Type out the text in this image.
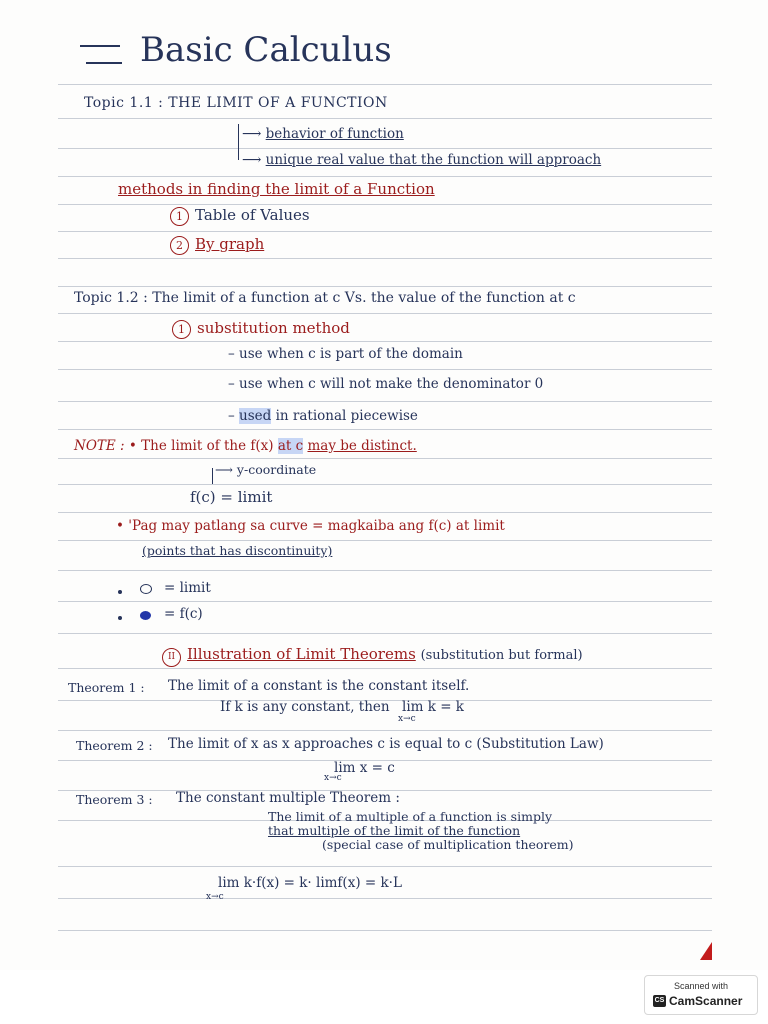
Basic Calculus
Topic 1.1 : THE LIMIT OF A FUNCTION
⟶ behavior of function
⟶ unique real value that the function will approach
methods in finding the limit of a Function
1 Table of Values
2 By graph
Topic 1.2 : The limit of a function at c Vs. the value of the function at c
1 substitution method
– use when c is part of the domain
– use when c will not make the denominator 0
– used in rational piecewise
NOTE : • The limit of the f(x) at c may be distinct.
⟶ y-coordinate
f(c) = limit
• 'Pag may patlang sa curve = magkaiba ang f(c) at limit
(points that has discontinuity)
= limit
= f(c)
II Illustration of Limit Theorems (substitution but formal)
Theorem 1 : The limit of a constant is the constant itself.
If k is any constant, then lim k = k
x→c
Theorem 2 : The limit of x as x approaches c is equal to c (Substitution Law)
lim x = c
x→c
Theorem 3 : The constant multiple Theorem :
The limit of a multiple of a function is simply
that multiple of the limit of the function
(special case of multiplication theorem)
lim k·f(x) = k· limf(x) = k·L
x→c
Scanned with
CS CamScanner
